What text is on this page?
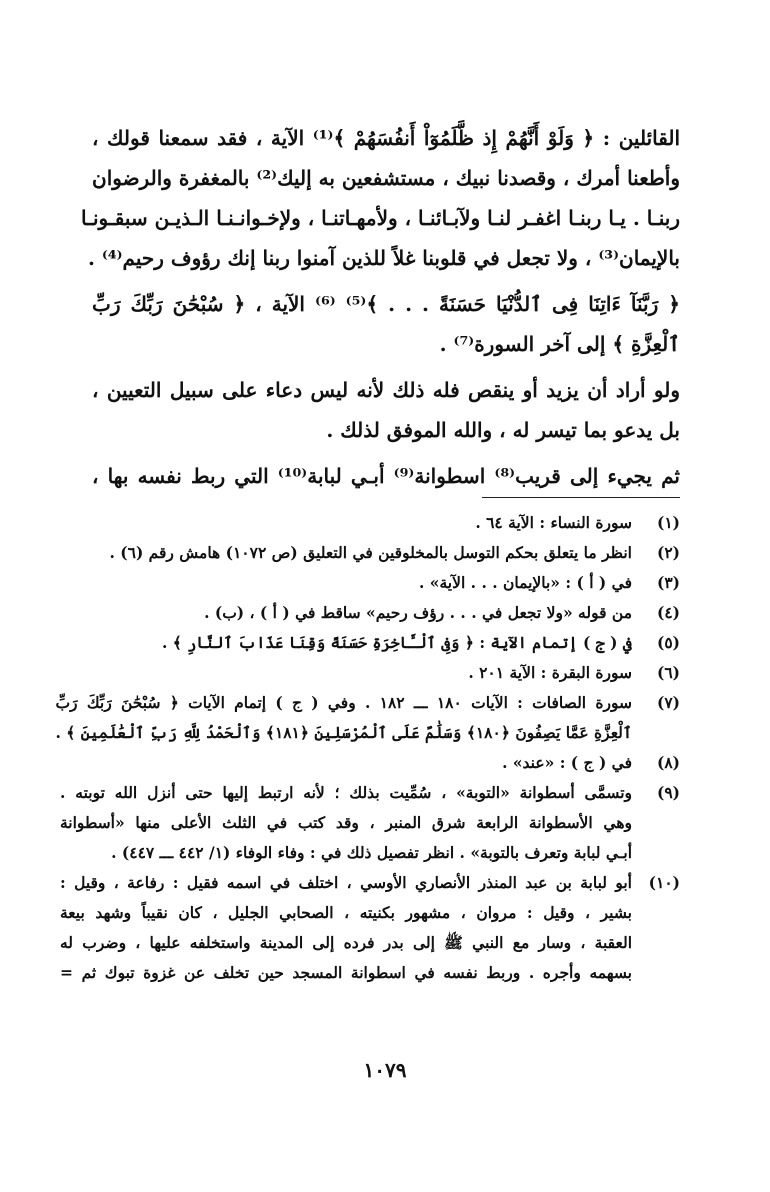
القائلين : ﴿ وَلَوْ أَنَّهُمْ إِذ ظَّلَمُوٓاْ أَنفُسَهُمْ ﴾⁽¹⁾ الآية ، فقد سمعنا قولك ،
وأطعنا أمرك ، وقصدنا نبيك ، مستشفعين به إليك⁽²⁾ بالمغفرة والرضوان
ربنـا . يـا ربنـا اغفـر لنـا ولآبـائنـا ، ولأمهـاتنـا ، ولإخـوانـنـا الـذيـن سبقـونـا
بالإيمان⁽³⁾ ، ولا تجعل في قلوبنا غلاً للذين آمنوا ربنا إنك رؤوف رحيم⁽⁴⁾ .
﴿ رَبَّنَآ ءَاتِنَا فِى ٱلدُّنْيَا حَسَنَةً . . . ﴾⁽⁵⁾ ⁽⁶⁾ الآية ، ﴿ سُبْحَٰنَ رَبِّكَ رَبِّ
ٱلْعِزَّةِ ﴾ إلى آخر السورة⁽⁷⁾ .
ولو أراد أن يزيد أو ينقص فله ذلك لأنه ليس دعاء على سبيل التعيين ،
بل يدعو بما تيسر له ، والله الموفق لذلك .
ثم يجيء إلى قريب⁽⁸⁾ اسطوانة⁽⁹⁾ أبـي لبابة⁽¹⁰⁾ التي ربط نفسه بها ،
(١)
سورة النساء : الآية ٦٤ .
(٢)
انظر ما يتعلق بحكم التوسل بالمخلوقين في التعليق (ص ١٠٧٢) هامش رقم (٦) .
(٣)
في ( أ ) : «بالإيمان . . . الآية» .
(٤)
من قوله «ولا تجعل في . . . رؤف رحيم» ساقط في ( أ ) ، (ب) .
(٥)
في ( ج ) إتمام الآية : ﴿ وَفِى ٱلْـَٔاخِرَةِ حَسَنَةً وَقِنَا عَذَابَ ٱلنَّارِ ﴾ .
(٦)
سورة البقرة : الآية ٢٠١ .
(٧)
سورة الصافات : الآيات ١٨٠ ـــ ١٨٢ . وفي ( ج ) إتمام الآيات ﴿ سُبْحَٰنَ رَبِّكَ رَبِّ
ٱلْعِزَّةِ عَمَّا يَصِفُونَ ﴿١٨٠﴾ وَسَلَٰمٌ عَلَى ٱلْمُرْسَلِينَ ﴿١٨١﴾ وَٱلْحَمْدُ لِلَّهِ رَبِّ ٱلْعَٰلَمِينَ ﴾ .
(٨)
في ( ج ) : «عند» .
(٩)
وتسمَّى أسطوانة «التوبة» ، سُمِّيت بذلك ؛ لأنه ارتبط إليها حتى أنزل الله توبته .
وهي الأسطوانة الرابعة شرق المنبر ، وقد كتب في الثلث الأعلى منها «أسطوانة
أبـي لبابة وتعرف بالتوبة» . انظر تفصيل ذلك في : وفاء الوفاء (١/ ٤٤٢ ـــ ٤٤٧) .
(١٠)
أبو لبابة بن عبد المنذر الأنصاري الأوسي ، اختلف في اسمه فقيل : رفاعة ، وقيل :
بشير ، وقيل : مروان ، مشهور بكنيته ، الصحابي الجليل ، كان نقيباً وشهد بيعة
العقبة ، وسار مع النبي ﷺ إلى بدر فرده إلى المدينة واستخلفه عليها ، وضرب له
بسهمه وأجره . وربط نفسه في اسطوانة المسجد حين تخلف عن غزوة تبوك ثم =
١٠٧٩
